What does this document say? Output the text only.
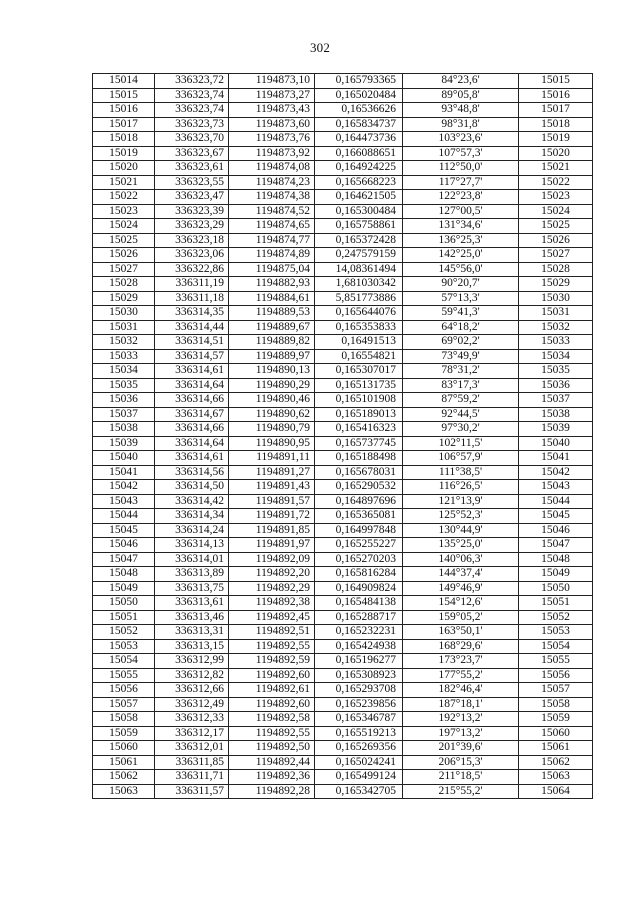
302
15014	336323,72	1194873,10	0,165793365	84°23,6'	15015
15015	336323,74	1194873,27	0,165020484	89°05,8'	15016
15016	336323,74	1194873,43	0,16536626	93°48,8'	15017
15017	336323,73	1194873,60	0,165834737	98°31,8'	15018
15018	336323,70	1194873,76	0,164473736	103°23,6'	15019
15019	336323,67	1194873,92	0,166088651	107°57,3'	15020
15020	336323,61	1194874,08	0,164924225	112°50,0'	15021
15021	336323,55	1194874,23	0,165668223	117°27,7'	15022
15022	336323,47	1194874,38	0,164621505	122°23,8'	15023
15023	336323,39	1194874,52	0,165300484	127°00,5'	15024
15024	336323,29	1194874,65	0,165758861	131°34,6'	15025
15025	336323,18	1194874,77	0,165372428	136°25,3'	15026
15026	336323,06	1194874,89	0,247579159	142°25,0'	15027
15027	336322,86	1194875,04	14,08361494	145°56,0'	15028
15028	336311,19	1194882,93	1,681030342	90°20,7'	15029
15029	336311,18	1194884,61	5,851773886	57°13,3'	15030
15030	336314,35	1194889,53	0,165644076	59°41,3'	15031
15031	336314,44	1194889,67	0,165353833	64°18,2'	15032
15032	336314,51	1194889,82	0,16491513	69°02,2'	15033
15033	336314,57	1194889,97	0,16554821	73°49,9'	15034
15034	336314,61	1194890,13	0,165307017	78°31,2'	15035
15035	336314,64	1194890,29	0,165131735	83°17,3'	15036
15036	336314,66	1194890,46	0,165101908	87°59,2'	15037
15037	336314,67	1194890,62	0,165189013	92°44,5'	15038
15038	336314,66	1194890,79	0,165416323	97°30,2'	15039
15039	336314,64	1194890,95	0,165737745	102°11,5'	15040
15040	336314,61	1194891,11	0,165188498	106°57,9'	15041
15041	336314,56	1194891,27	0,165678031	111°38,5'	15042
15042	336314,50	1194891,43	0,165290532	116°26,5'	15043
15043	336314,42	1194891,57	0,164897696	121°13,9'	15044
15044	336314,34	1194891,72	0,165365081	125°52,3'	15045
15045	336314,24	1194891,85	0,164997848	130°44,9'	15046
15046	336314,13	1194891,97	0,165255227	135°25,0'	15047
15047	336314,01	1194892,09	0,165270203	140°06,3'	15048
15048	336313,89	1194892,20	0,165816284	144°37,4'	15049
15049	336313,75	1194892,29	0,164909824	149°46,9'	15050
15050	336313,61	1194892,38	0,165484138	154°12,6'	15051
15051	336313,46	1194892,45	0,165288717	159°05,2'	15052
15052	336313,31	1194892,51	0,165232231	163°50,1'	15053
15053	336313,15	1194892,55	0,165424938	168°29,6'	15054
15054	336312,99	1194892,59	0,165196277	173°23,7'	15055
15055	336312,82	1194892,60	0,165308923	177°55,2'	15056
15056	336312,66	1194892,61	0,165293708	182°46,4'	15057
15057	336312,49	1194892,60	0,165239856	187°18,1'	15058
15058	336312,33	1194892,58	0,165346787	192°13,2'	15059
15059	336312,17	1194892,55	0,165519213	197°13,2'	15060
15060	336312,01	1194892,50	0,165269356	201°39,6'	15061
15061	336311,85	1194892,44	0,165024241	206°15,3'	15062
15062	336311,71	1194892,36	0,165499124	211°18,5'	15063
15063	336311,57	1194892,28	0,165342705	215°55,2'	15064
